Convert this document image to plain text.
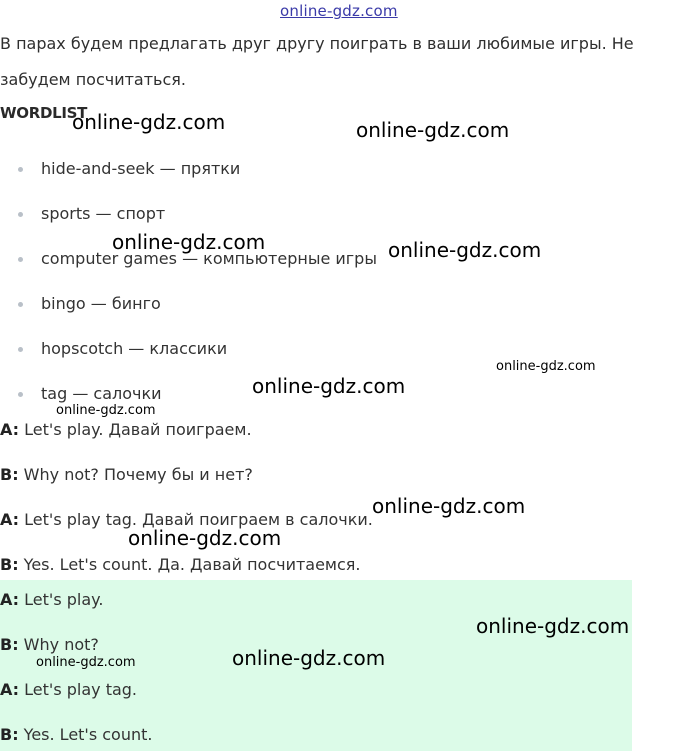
online-gdz.com
В парах будем предлагать друг другу поиграть в ваши любимые игры. Не
забудем посчитаться.
WORDLIST
hide-and-seek — прятки
sports — спорт
computer games — компьютерные игры
bingo — бинго
hopscotch — классики
tag — салочки
A: Let's play. Давай поиграем.
B: Why not? Почему бы и нет?
A: Let's play tag. Давай поиграем в салочки.
B: Yes. Let's count. Да. Давай посчитаемся.
A: Let's play.
B: Why not?
A: Let's play tag.
B: Yes. Let's count.
online-gdz.com	online-gdz.com
online-gdz.com	online-gdz.com
online-gdz.com
online-gdz.com
online-gdz.com
online-gdz.com
online-gdz.com
online-gdz.com
online-gdz.com
online-gdz.com
